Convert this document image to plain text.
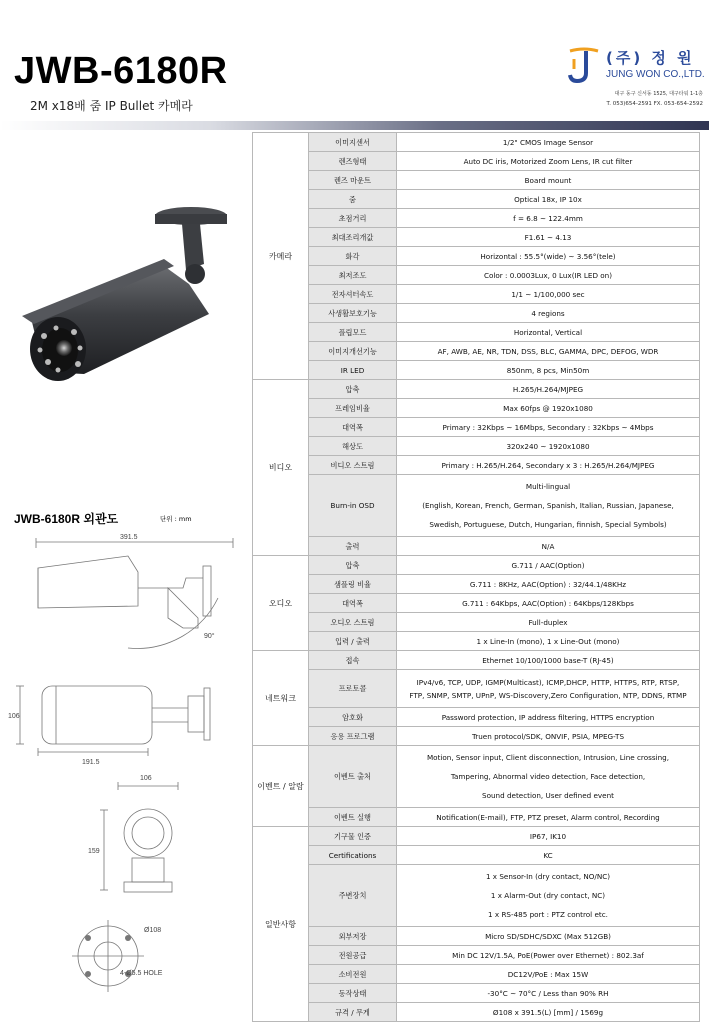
JWB-6180R
2M x18배 줌 IP Bullet 카메라
(주) 정 원
JUNG WON CO.,LTD.
대구 동구 신서동 1525, 대구타워 1-1층
T. 053)654-2591 FX. 053-654-2592
JWB-6180R 외관도	단위 : mm
391.5
90°
106
191.5
106
159
Ø108
4-Ø5.5 HOLE
카메라	이미지센서	1/2" CMOS Image Sensor

	렌즈형태	Auto DC iris, Motorized Zoom Lens, IR cut filter

	렌즈 마운트	Board mount

	줌	Optical 18x, IP 10x

	초점거리	f = 6.8 ~ 122.4mm

	최대조리개값	F1.61 ~ 4.13

	화각	Horizontal : 55.5°(wide) ~ 3.56°(tele)

	최저조도	Color : 0.0003Lux, 0 Lux(IR LED on)

	전자셔터속도	1/1 ~ 1/100,000 sec

	사생활보호기능	4 regions

	플립모드	Horizontal, Vertical

	이미지개선기능	AF, AWB, AE, NR, TDN, DSS, BLC, GAMMA, DPC, DEFOG, WDR

	IR LED	850nm, 8 pcs, Min50m

비디오	압축	H.265/H.264/MJPEG

	프레임비율	Max 60fps @ 1920x1080

	대역폭	Primary : 32Kbps ~ 16Mbps, Secondary : 32Kbps ~ 4Mbps

	해상도	320x240 ~ 1920x1080

	비디오 스트림	Primary : H.265/H.264, Secondary x 3 : H.265/H.264/MJPEG

	Burn-in OSD	Multi-lingual
(English, Korean, French, German, Spanish, Italian, Russian, Japanese,
Swedish, Portuguese, Dutch, Hungarian, finnish, Special Symbols)

	출력	N/A

오디오	압축	G.711 / AAC(Option)

	샘플링 비율	G.711 : 8KHz, AAC(Option) : 32/44.1/48KHz

	대역폭	G.711 : 64Kbps, AAC(Option) : 64Kbps/128Kbps

	오디오 스트림	Full-duplex

	입력 / 출력	1 x Line-In (mono), 1 x Line-Out (mono)

네트워크	접속	Ethernet 10/100/1000 base-T (RJ-45)

	프로토콜	IPv4/v6, TCP, UDP, IGMP(Multicast), ICMP,DHCP, HTTP, HTTPS, RTP, RTSP,
FTP, SNMP, SMTP, UPnP, WS-Discovery,Zero Configuration, NTP, DDNS, RTMP

	암호화	Password protection, IP address filtering, HTTPS encryption

	응용 프로그램	Truen protocol/SDK, ONVIF, PSIA, MPEG-TS

이벤트 / 알람	이벤트 출처	Motion, Sensor input, Client disconnection, Intrusion, Line crossing,
Tampering, Abnormal video detection, Face detection,
Sound detection, User defined event

	이벤트 실행	Notification(E-mail), FTP, PTZ preset, Alarm control, Recording

일반사항	기구물 인증	IP67, IK10

	Certifications	KC

	주변장치	1 x Sensor-In (dry contact, NO/NC)
1 x Alarm-Out (dry contact, NC)
1 x RS-485 port : PTZ control etc.

	외부저장	Micro SD/SDHC/SDXC (Max 512GB)

	전원공급	Min DC 12V/1.5A, PoE(Power over Ethernet) : 802.3af

	소비전원	DC12V/PoE : Max 15W

	동작상태	-30°C ~ 70°C / Less than 90% RH

	규격 / 무게	Ø108 x 391.5(L) [mm] / 1569g
